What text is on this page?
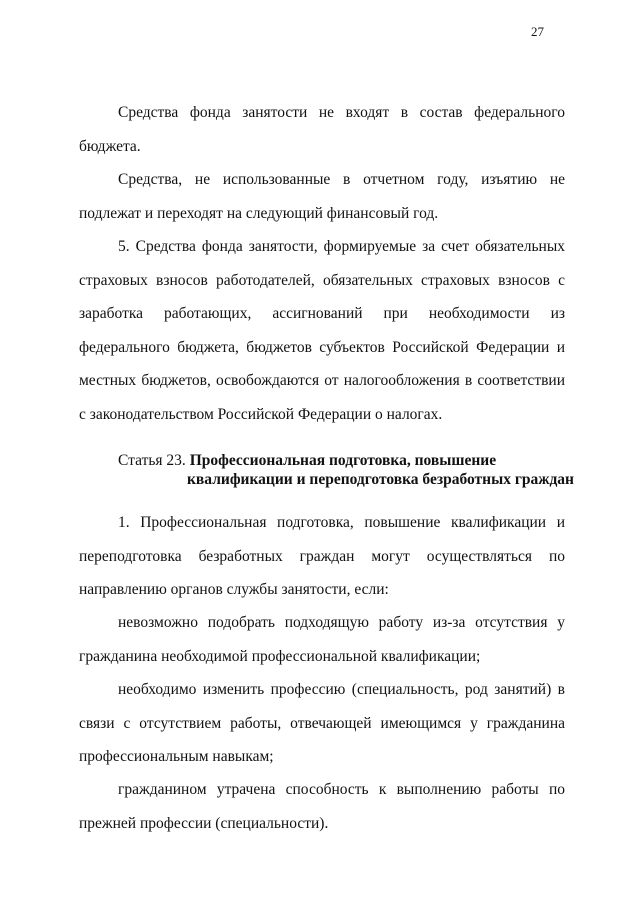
27

Средства фонда занятости не входят в состав федерального бюджета.

Средства, не использованные в отчетном году, изъятию не подлежат и переходят на следующий финансовый год.

5. Средства фонда занятости, формируемые за счет обязательных страховых взносов работодателей, обязательных страховых взносов с заработка работающих, ассигнований при необходимости из федерального бюджета, бюджетов субъектов Российской Федерации и местных бюджетов, освобождаются от налогообложения в соответствии с законодательством Российской Федерации о налогах.

Статья 23. Профессиональная подготовка, повышение
квалификации и переподготовка безработных граждан

1. Профессиональная подготовка, повышение квалификации и переподготовка безработных граждан могут осуществляться по направлению органов службы занятости, если:

невозможно подобрать подходящую работу из-за отсутствия у гражданина необходимой профессиональной квалификации;

необходимо изменить профессию (специальность, род занятий) в связи с отсутствием работы, отвечающей имеющимся у гражданина профессиональным навыкам;

гражданином утрачена способность к выполнению работы по прежней профессии (специальности).
